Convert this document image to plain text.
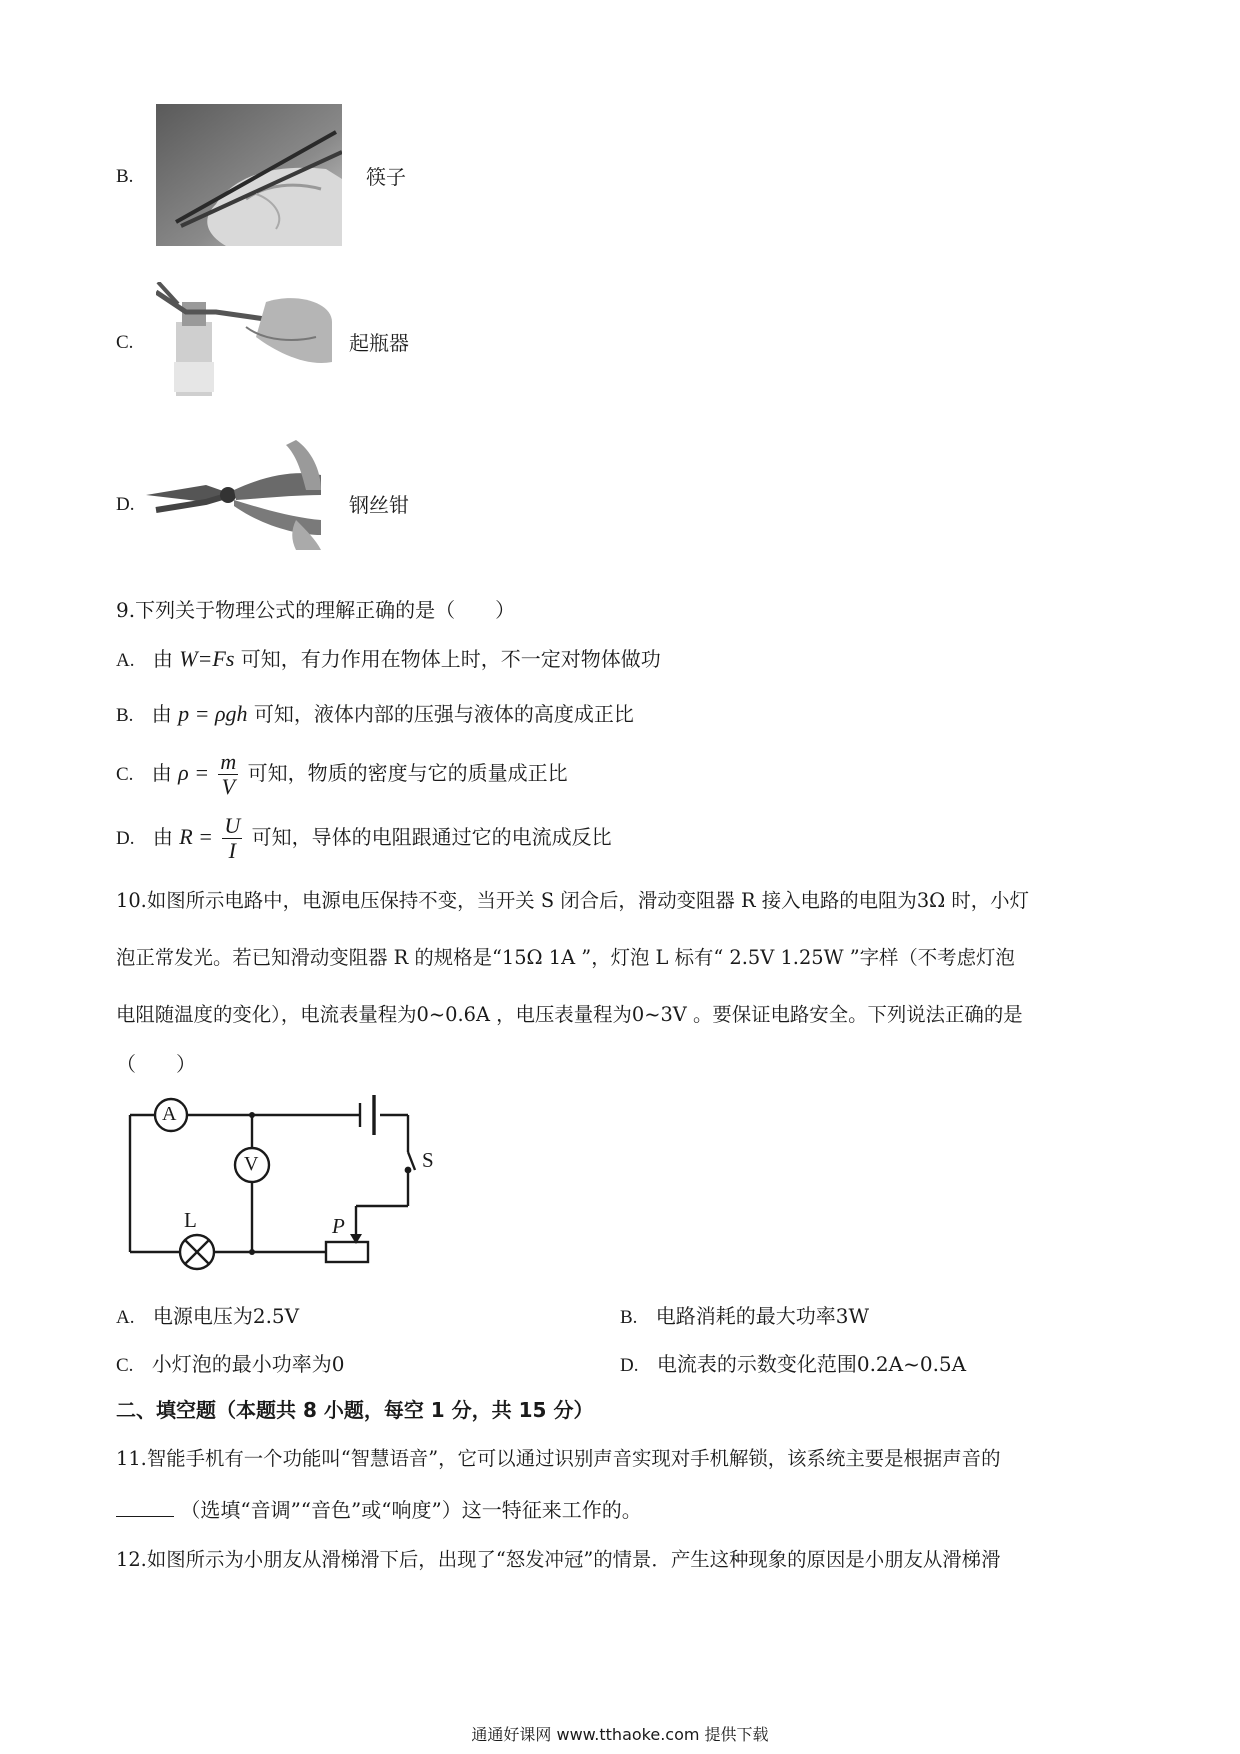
B.	筷子
C.	起瓶器
D.	钢丝钳
9.下列关于物理公式的理解正确的是（　　）
A. 由 W=Fs 可知，有力作用在物体上时，不一定对物体做功
B. 由 p = ρgh 可知，液体内部的压强与液体的高度成正比
C. 由 $\rho = \frac{m}{V}$ 可知，物质的密度与它的质量成正比
D. 由 $R = \frac{U}{I}$ 可知，导体的电阻跟通过它的电流成反比
10.如图所示电路中，电源电压保持不变，当开关 S 闭合后，滑动变阻器 R 接入电路的电阻为3Ω 时，小灯
泡正常发光。若已知滑动变阻器 R 的规格是“15Ω 1A ”，灯泡 L 标有“ 2.5V 1.25W ”字样（不考虑灯泡
电阻随温度的变化），电流表量程为0~0.6A ，电压表量程为0~3V 。要保证电路安全。下列说法正确的是
（　　）
A
V
L
S
P
A. 电源电压为2.5V	B. 电路消耗的最大功率3W
C. 小灯泡的最小功率为0	D. 电流表的示数变化范围0.2A~0.5A
二、填空题（本题共 8 小题，每空 1 分，共 15 分）
11.智能手机有一个功能叫“智慧语音”，它可以通过识别声音实现对手机解锁，该系统主要是根据声音的
（选填“音调”“音色”或“响度”）这一特征来工作的。
12.如图所示为小朋友从滑梯滑下后，出现了“怒发冲冠”的情景．产生这种现象的原因是小朋友从滑梯滑
通通好课网 www.tthaoke.com 提供下载
